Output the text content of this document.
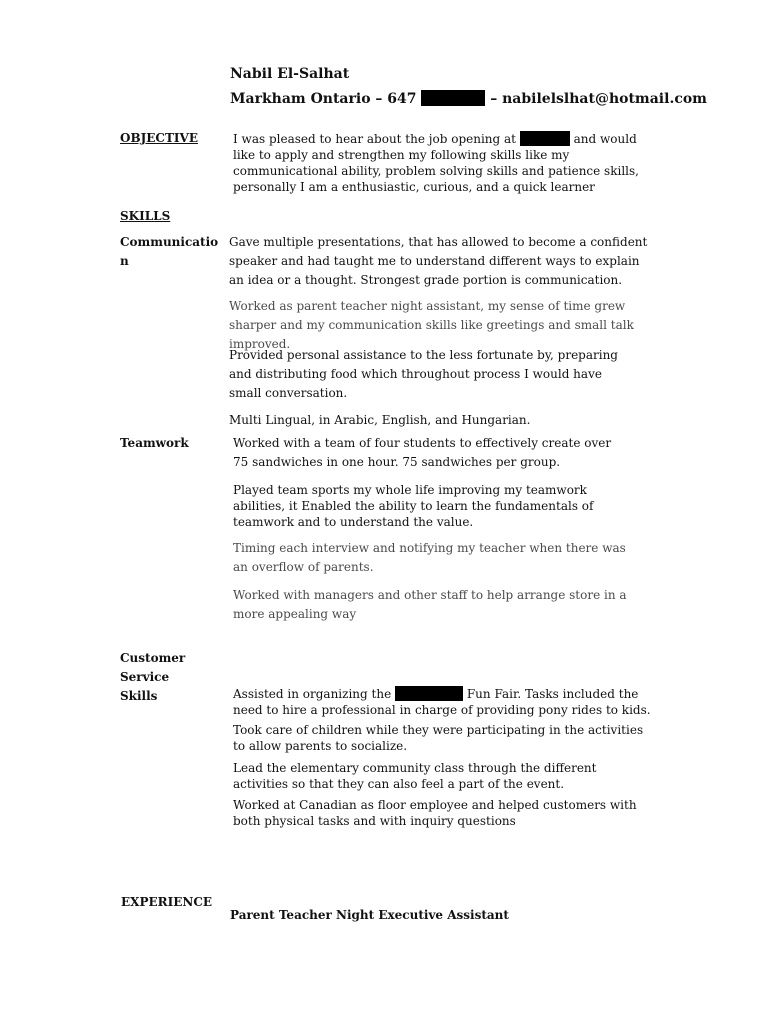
Nabil El-Salhat
Markham Ontario – 647	– nabilelslhat@hotmail.com
OBJECTIVE	I was pleased to hear about the job opening at	and would like to apply and strengthen my following skills like my communicational ability, problem solving skills and patience skills, personally I am a enthusiastic, curious, and a quick learner

SKILLS
Communicatio n

Gave multiple presentations, that has allowed to become a confident speaker and had taught me to understand different ways to explain an idea or a thought. Strongest grade portion is communication.

Worked as parent teacher night assistant, my sense of time grew sharper and my communication skills like greetings and small talk improved.

Provided personal assistance to the less fortunate by, preparing and distributing food which throughout process I would have small conversation.

Multi Lingual, in Arabic, English, and Hungarian.

Teamwork	Worked with a team of four students to effectively create over 75 sandwiches in one hour. 75 sandwiches per group.

Played team sports my whole life improving my teamwork abilities, it Enabled the ability to learn the fundamentals of teamwork and to understand the value.

Timing each interview and notifying my teacher when there was an overflow of parents.

Worked with managers and other staff to help arrange store in a more appealing way

Customer Service Skills	Assisted in organizing the	Fun Fair. Tasks included the need to hire a professional in charge of providing pony rides to kids.

Took care of children while they were participating in the activities to allow parents to socialize.

Lead the elementary community class through the different activities so that they can also feel a part of the event.

Worked at Canadian as floor employee and helped customers with both physical tasks and with inquiry questions

EXPERIENCE
Parent Teacher Night Executive Assistant
